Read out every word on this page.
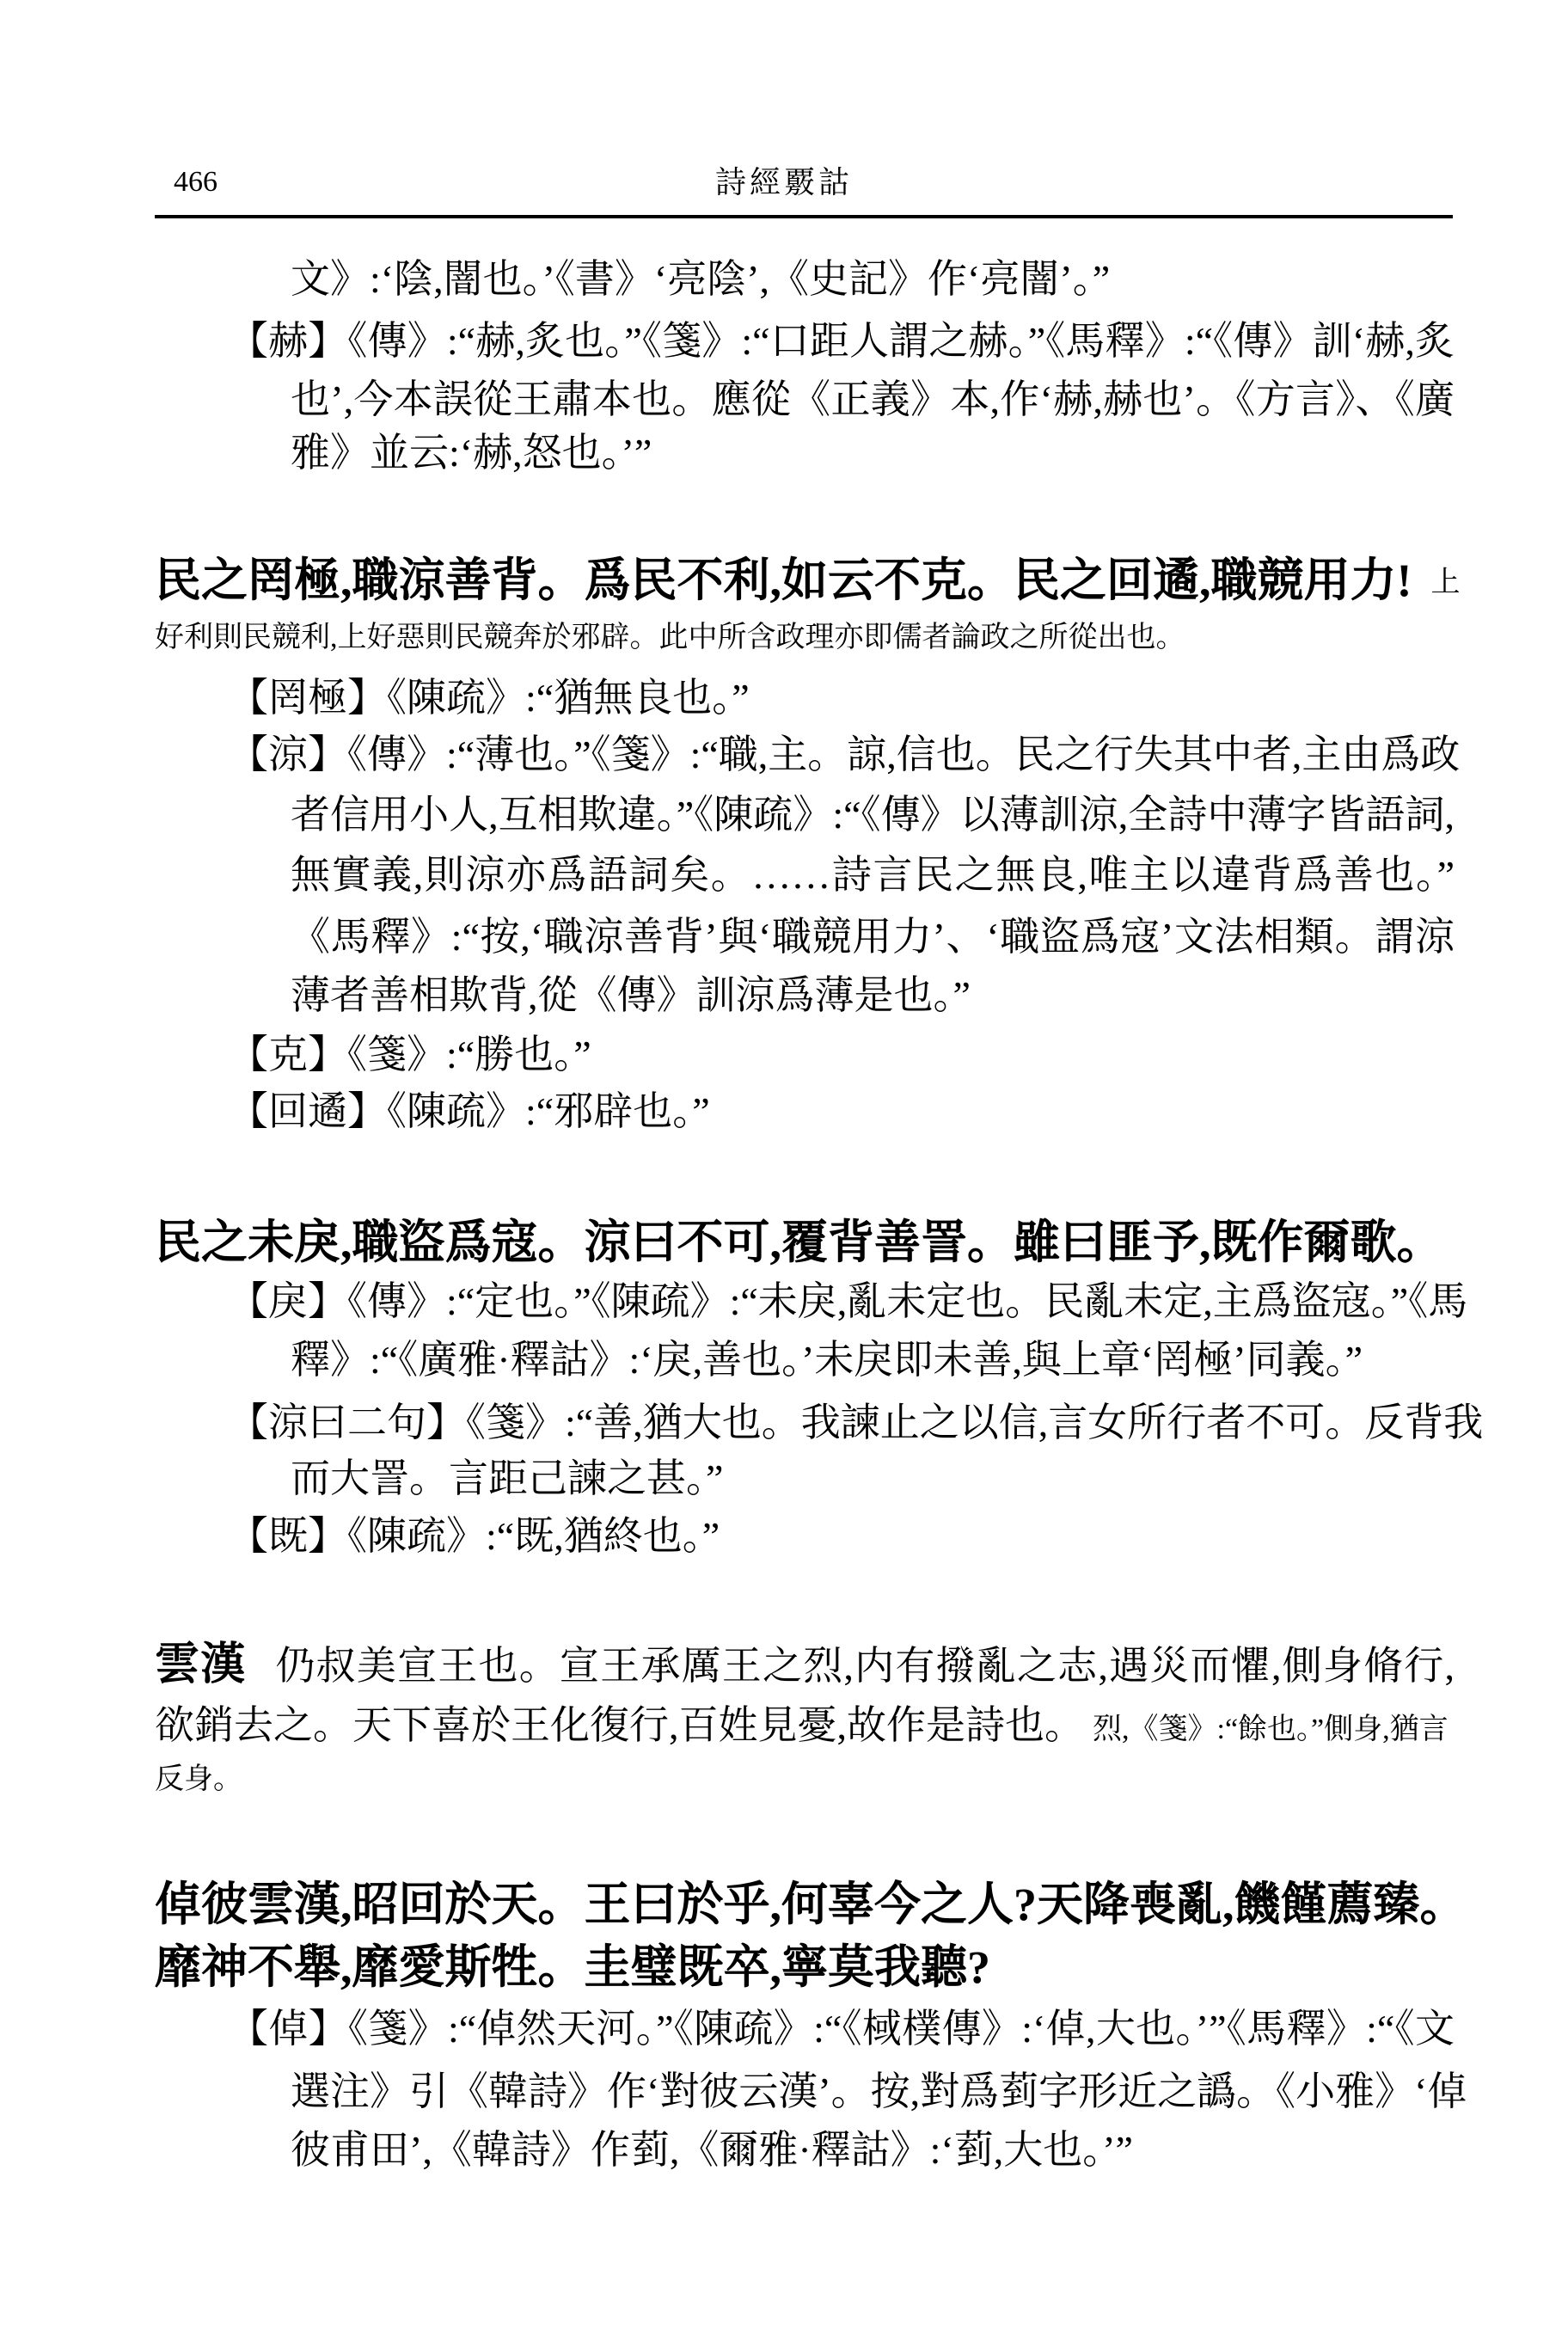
466	詩經覈詁
文》:‘陰,闇也。’《書》‘亮陰’,《史記》作‘亮闇’。”
【赫】《傳》:“赫,炙也。”《箋》:“口距人謂之赫。”《馬釋》:“《傳》訓‘赫,炙
也’,今本誤從王肅本也。應從《正義》本,作‘赫,赫也’。《方言》、《廣
雅》並云:‘赫,怒也。’”
民之罔極,職涼善背。爲民不利,如云不克。民之回遹,職競用力! 上
好利則民競利,上好惡則民競奔於邪辟。此中所含政理亦即儒者論政之所從出也。
【罔極】《陳疏》:“猶無良也。”
【涼】《傳》:“薄也。”《箋》:“職,主。諒,信也。民之行失其中者,主由爲政
者信用小人,互相欺違。”《陳疏》:“《傳》以薄訓涼,全詩中薄字皆語詞,
無實義,則涼亦爲語詞矣。……詩言民之無良,唯主以違背爲善也。”
《馬釋》:“按,‘職涼善背’與‘職競用力’、‘職盜爲寇’文法相類。謂涼
薄者善相欺背,從《傳》訓涼爲薄是也。”
【克】《箋》:“勝也。”
【回遹】《陳疏》:“邪辟也。”
民之未戾,職盜爲寇。涼曰不可,覆背善詈。雖曰匪予,既作爾歌。
【戾】《傳》:“定也。”《陳疏》:“未戾,亂未定也。民亂未定,主爲盜寇。”《馬
釋》:“《廣雅·釋詁》:‘戾,善也。’未戾即未善,與上章‘罔極’同義。”
【涼曰二句】《箋》:“善,猶大也。我諫止之以信,言女所行者不可。反背我
而大詈。言距己諫之甚。”
【既】《陳疏》:“既,猶終也。”
雲漢 仍叔美宣王也。宣王承厲王之烈,内有撥亂之志,遇災而懼,側身脩行,
欲銷去之。天下喜於王化復行,百姓見憂,故作是詩也。 烈,《箋》:“餘也。”側身,猶言
反身。
倬彼雲漢,昭回於天。王曰於乎,何辜今之人?天降喪亂,饑饉薦臻。
靡神不舉,靡愛斯牲。圭璧既卒,寧莫我聽?
【倬】《箋》:“倬然天河。”《陳疏》:“《棫樸傳》:‘倬,大也。’”《馬釋》:“《文
選注》引《韓詩》作‘對彼云漢’。按,對爲菿字形近之譌。《小雅》‘倬
彼甫田’,《韓詩》作菿,《爾雅·釋詁》:‘菿,大也。’”
